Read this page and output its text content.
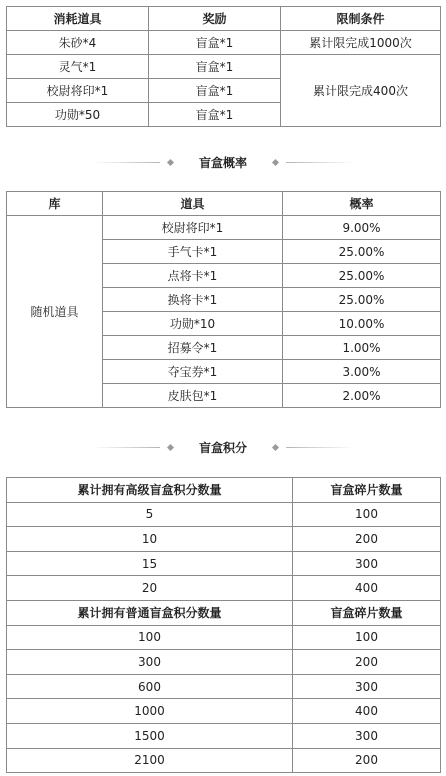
消耗道具	奖励	限制条件
朱砂*4	盲盒*1	累计限完成1000次
灵气*1	盲盒*1	累计限完成400次
校尉将印*1	盲盒*1	
功勋*50	盲盒*1	
盲盒概率
库	道具	概率
随机道具	校尉将印*1	9.00%
	手气卡*1	25.00%
	点将卡*1	25.00%
	换将卡*1	25.00%
	功勋*10	10.00%
	招募令*1	1.00%
	夺宝券*1	3.00%
	皮肤包*1	2.00%
盲盒积分
累计拥有高级盲盒积分数量	盲盒碎片数量
5	100
10	200
15	300
20	400
累计拥有普通盲盒积分数量	盲盒碎片数量
100	100
300	200
600	300
1000	400
1500	300
2100	200
